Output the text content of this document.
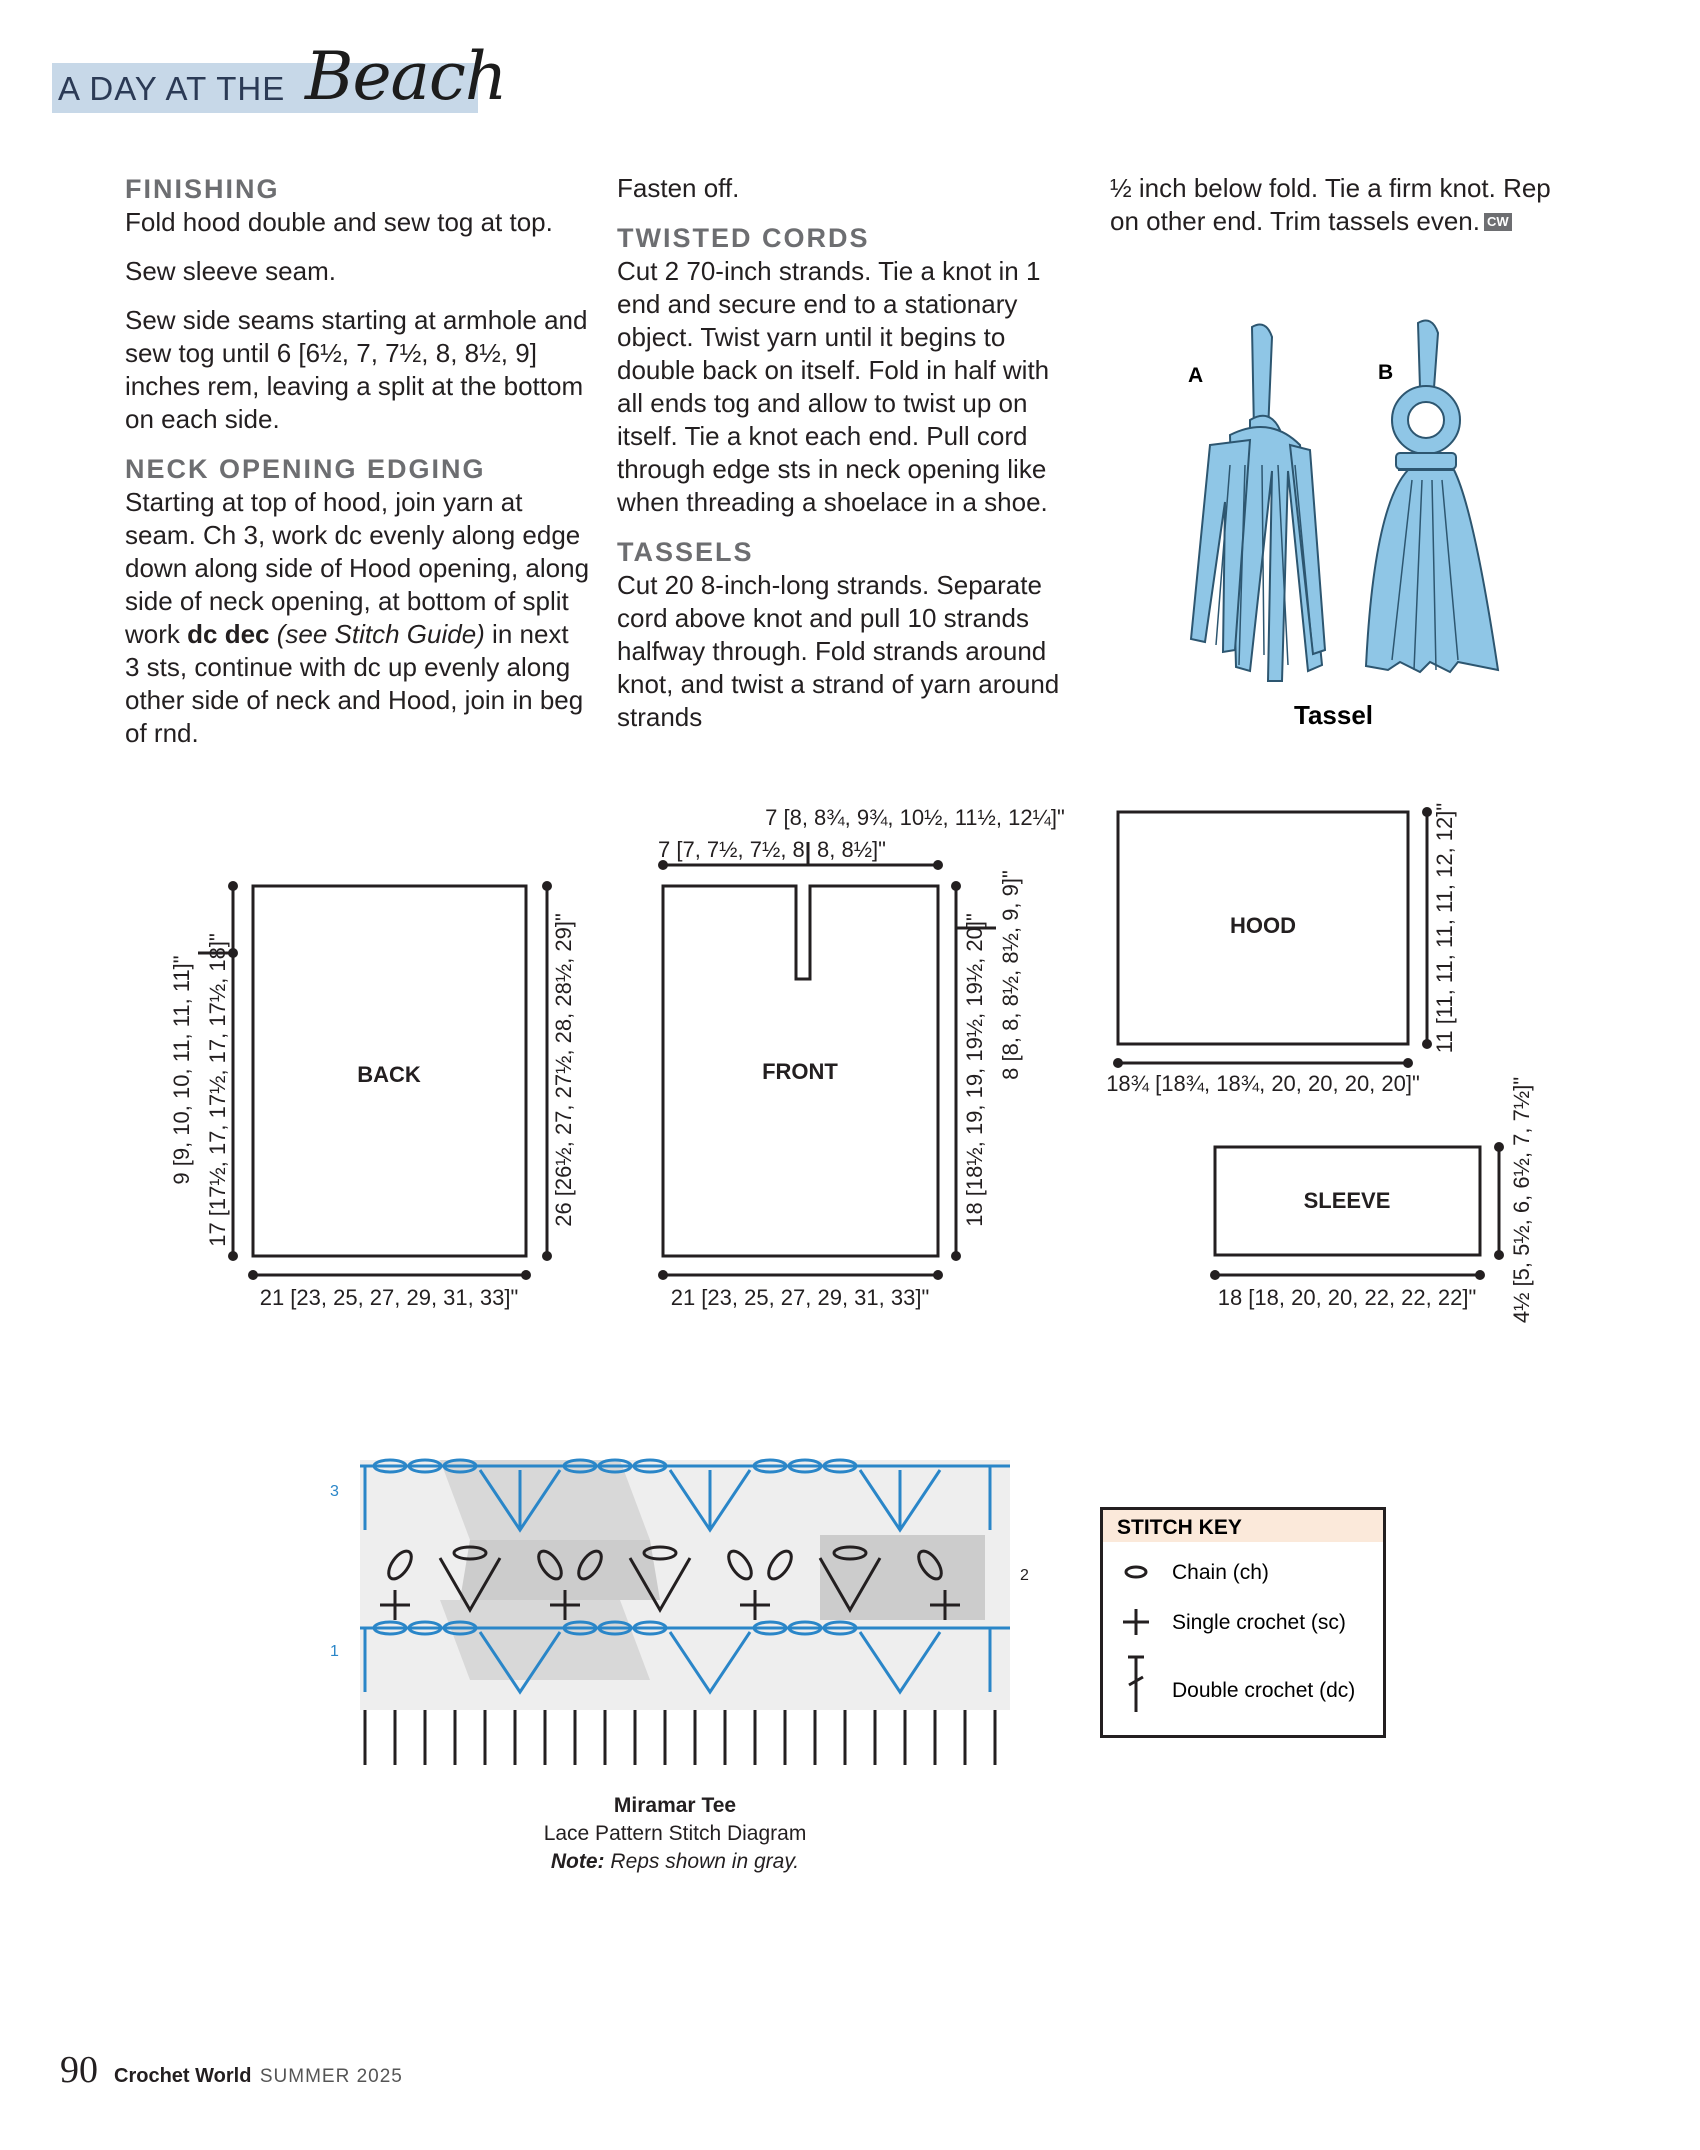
A DAY AT THE Beach
FINISHING

Fold hood double and sew tog at top.

Sew sleeve seam.

Sew side seams starting at armhole and sew tog until 6 [6½, 7, 7½, 8, 8½, 9] inches rem, leaving a split at the bottom on each side.

NECK OPENING EDGING

Starting at top of hood, join yarn at seam. Ch 3, work dc evenly along edge down along side of Hood opening, along side of neck opening, at bottom of split work dc dec (see Stitch Guide) in next 3 sts, continue with dc up evenly along other side of neck and Hood, join in beg of rnd.

Fasten off.

TWISTED CORDS

Cut 2 70-inch strands. Tie a knot in 1 end and secure end to a stationary object. Twist yarn until it begins to double back on itself. Fold in half with all ends tog and allow to twist up on itself. Tie a knot each end. Pull cord through edge sts in neck opening like when threading a shoelace in a shoe.

TASSELS

Cut 20 8-inch-long strands. Separate cord above knot and pull 10 strands halfway through. Fold strands around knot, and twist a strand of yarn around strands

½ inch below fold. Tie a firm knot. Rep on other end. Trim tassels even. CW

A	B
Tassel
BACK
9 [9, 10, 10, 11, 11, 11]" 17 [17½, 17, 17½, 17, 17½, 18]"	26 [26½, 27, 27½, 28, 28½, 29]"
21 [23, 25, 27, 29, 31, 33]"
FRONT
7 [8, 8¾, 9¾, 10½, 11½, 12¼]"
7 [7, 7½, 7½, 8, 8, 8½]"
18 [18½, 19, 19, 19½, 19½, 20]" 8 [8, 8, 8½, 8½, 9, 9]"
21 [23, 25, 27, 29, 31, 33]"
HOOD	11 [11, 11, 11, 11, 12, 12]"
18¾ [18¾, 18¾, 20, 20, 20, 20]"
SLEEVE
18 [18, 20, 20, 22, 22, 22]" 4½ [5, 5½, 6, 6½, 7, 7½]"
3
2
1
Miramar Tee
Lace Pattern Stitch Diagram
Note: Reps shown in gray.
STITCH KEY
Chain (ch)
Single crochet (sc)
Double crochet (dc)
90 Crochet World SUMMER 2025
